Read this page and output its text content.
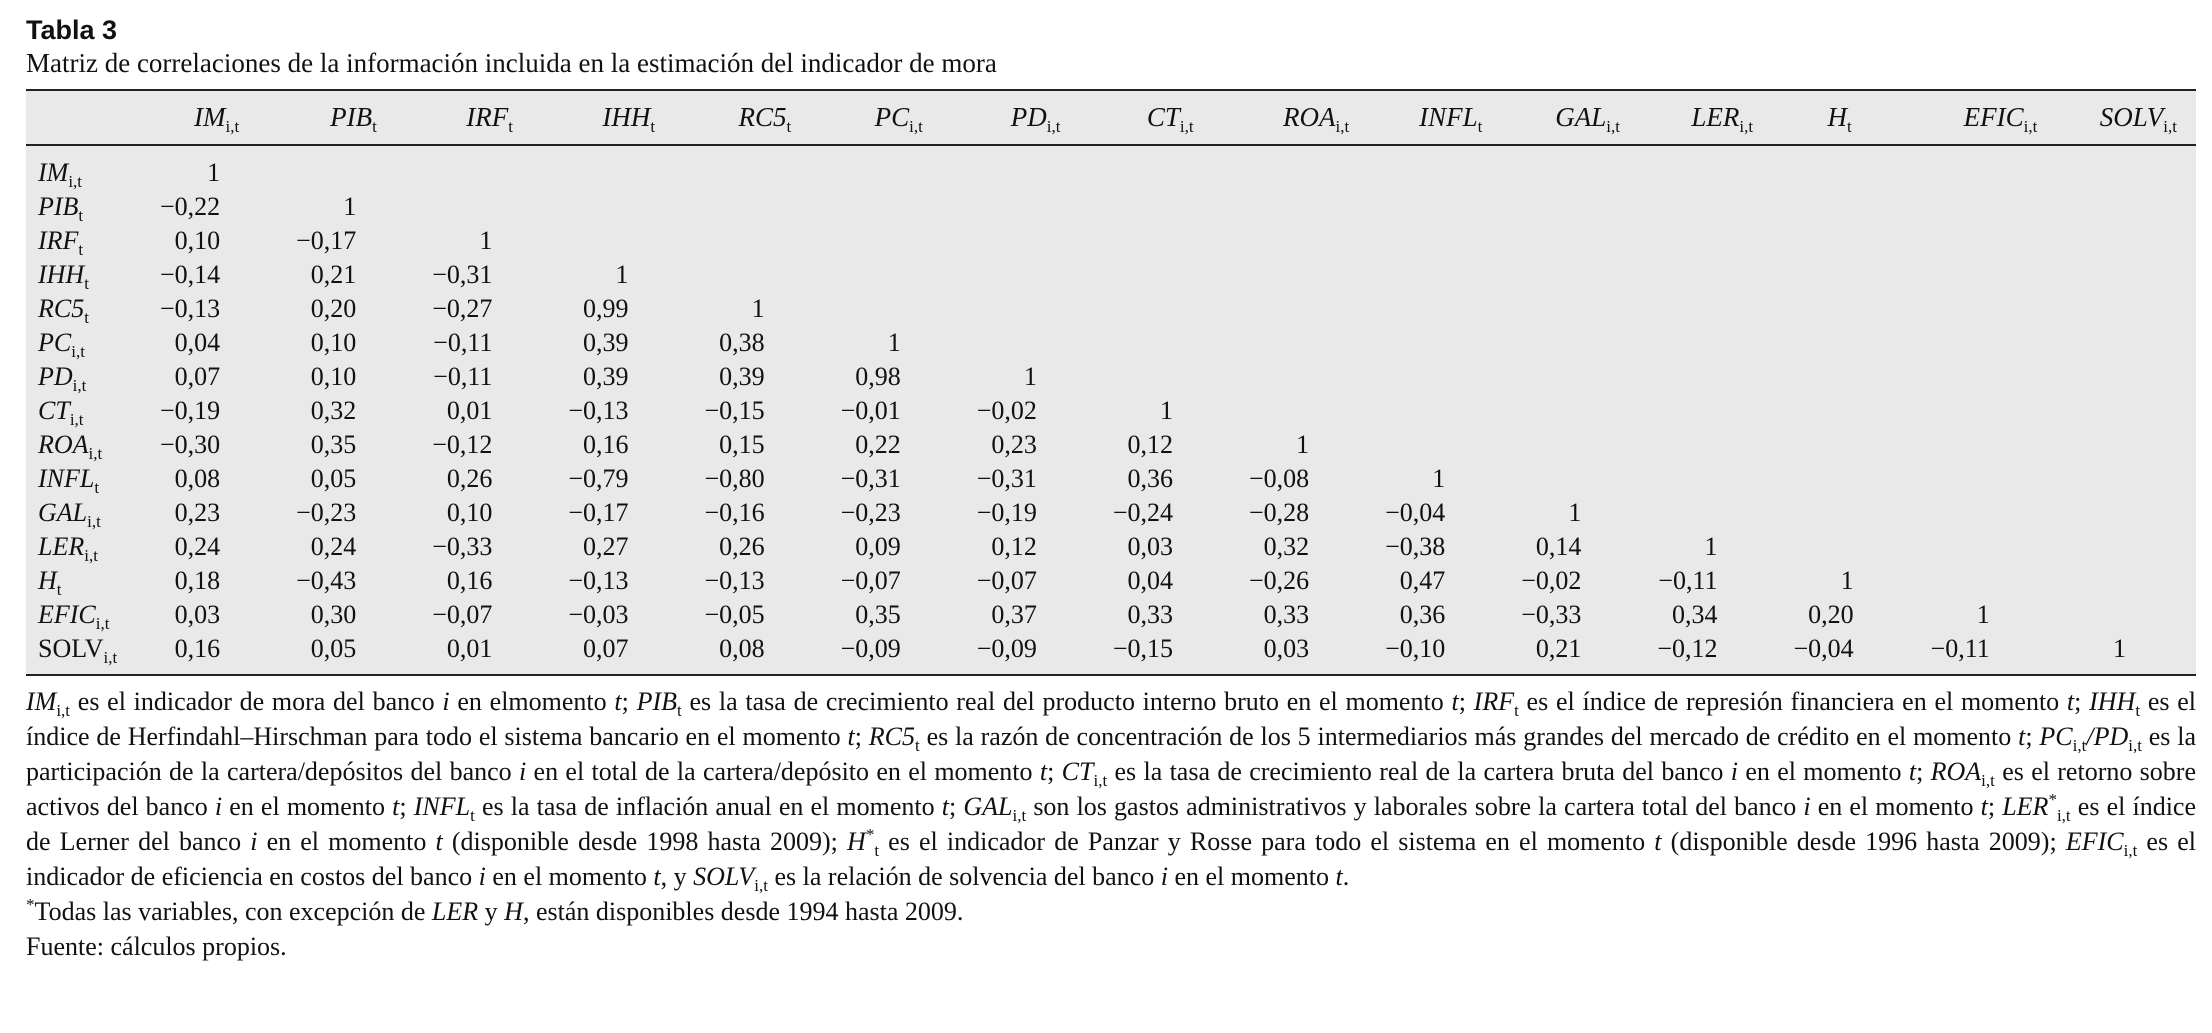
Tabla 3
Matriz de correlaciones de la información incluida en la estimación del indicador de mora
	$IM_{i,t}$	$PIB_t$	$IRF_t$	$IHH_t$	$RC5_t$	$PC_{i,t}$	$PD_{i,t}$	$CT_{i,t}$	$ROA_{i,t}$	$INFL_t$	$GAL_{i,t}$	$LER_{i,t}$	$H_t$	$EFIC_{i,t}$	$SOLV_{i,t}$
$IM_{i,t}$	1														
$PIB_t$	−0,22	1													
$IRF_t$	0,10	−0,17	1												
$IHH_t$	−0,14	0,21	−0,31	1											
$RC5_t$	−0,13	0,20	−0,27	0,99	1										
$PC_{i,t}$	0,04	0,10	−0,11	0,39	0,38	1									
$PD_{i,t}$	0,07	0,10	−0,11	0,39	0,39	0,98	1								
$CT_{i,t}$	−0,19	0,32	0,01	−0,13	−0,15	−0,01	−0,02	1							
$ROA_{i,t}$	−0,30	0,35	−0,12	0,16	0,15	0,22	0,23	0,12	1						
$INFL_t$	0,08	0,05	0,26	−0,79	−0,80	−0,31	−0,31	0,36	−0,08	1					
$GAL_{i,t}$	0,23	−0,23	0,10	−0,17	−0,16	−0,23	−0,19	−0,24	−0,28	−0,04	1				
$LER_{i,t}$	0,24	0,24	−0,33	0,27	0,26	0,09	0,12	0,03	0,32	−0,38	0,14	1			
$H_t$	0,18	−0,43	0,16	−0,13	−0,13	−0,07	−0,07	0,04	−0,26	0,47	−0,02	−0,11	1		
$EFIC_{i,t}$	0,03	0,30	−0,07	−0,03	−0,05	0,35	0,37	0,33	0,33	0,36	−0,33	0,34	0,20	1	
$SOLV_{i,t}$	0,16	0,05	0,01	0,07	0,08	−0,09	−0,09	−0,15	0,03	−0,10	0,21	−0,12	−0,04	−0,11	1

$IM_{i,t}$ es el indicador de mora del banco i en elmomento t; $PIB_t$ es la tasa de crecimiento real del producto interno bruto en el momento t; $IRF_t$ es el índice de represión financiera en el momento t; $IHH_t$ es el índice de Herfindahl–Hirschman para todo el sistema bancario en el momento t; $RC5_t$ es la razón de concentración de los 5 intermediarios más grandes del mercado de crédito en el momento t; $PC_{i,t}/PD_{i,t}$ es la participación de la cartera/depósitos del banco i en el total de la cartera/depósito en el momento t; $CT_{i,t}$ es la tasa de crecimiento real de la cartera bruta del banco i en el momento t; $ROA_{i,t}$ es el retorno sobre activos del banco i en el momento t; $INFL_t$ es la tasa de inflación anual en el momento t; $GAL_{i,t}$ son los gastos administrativos y laborales sobre la cartera total del banco i en el momento t; $LER^*_{i,t}$ es el índice de Lerner del banco i en el momento t (disponible desde 1998 hasta 2009); $H^*_t$ es el indicador de Panzar y Rosse para todo el sistema en el momento t (disponible desde 1996 hasta 2009); $EFIC_{i,t}$ es el indicador de eficiencia en costos del banco i en el momento t, y $SOLV_{i,t}$ es la relación de solvencia del banco i en el momento t.

*Todas las variables, con excepción de LER y H, están disponibles desde 1994 hasta 2009.

Fuente: cálculos propios.
